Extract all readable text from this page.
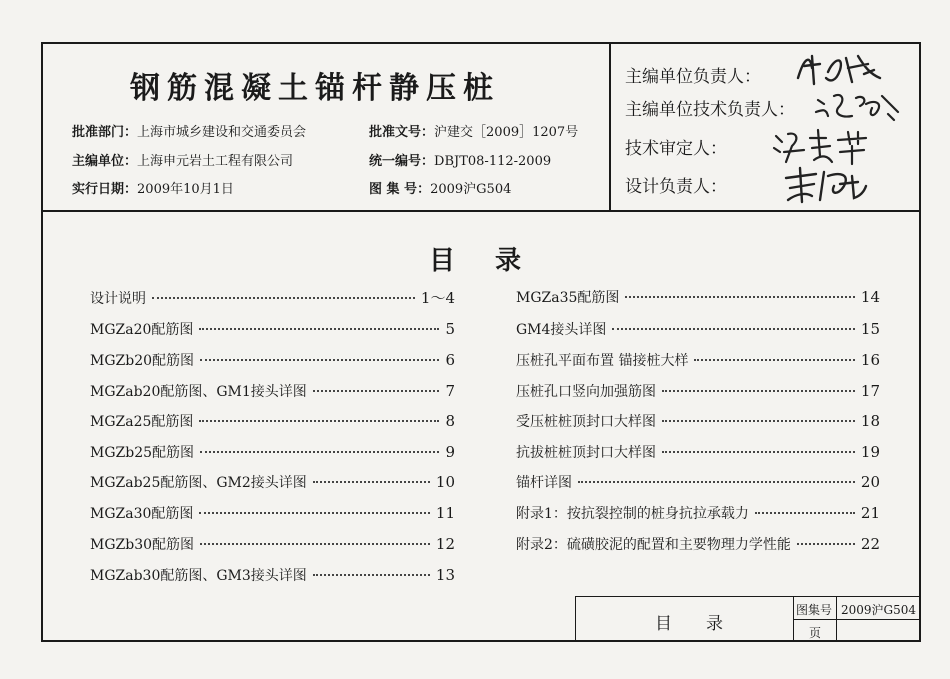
钢筋混凝土锚杆静压桩
批准部门：上海市城乡建设和交通委员会	批准文号：沪建交［2009］1207号
主编单位：上海申元岩土工程有限公司	统一编号：DBJT08-112-2009
实行日期：2009年10月1日	图 集 号：2009沪G504
主编单位负责人：
主编单位技术负责人：
技术审定人：
设计负责人：
目录
设计说明	1～4
MGZa20配筋图	5
MGZb20配筋图	6
MGZab20配筋图、GM1接头详图	7
MGZa25配筋图	8
MGZb25配筋图	9
MGZab25配筋图、GM2接头详图	10
MGZa30配筋图	11
MGZb30配筋图	12
MGZab30配筋图、GM3接头详图	13
MGZa35配筋图	14
GM4接头详图	15
压桩孔平面布置 锚接桩大样	16
压桩孔口竖向加强筋图	17
受压桩桩顶封口大样图	18
抗拔桩桩顶封口大样图	19
锚杆详图	20
附录1：按抗裂控制的桩身抗拉承载力	21
附录2：硫磺胶泥的配置和主要物理力学性能	22
目　　录
图集号 2009沪G504
页
